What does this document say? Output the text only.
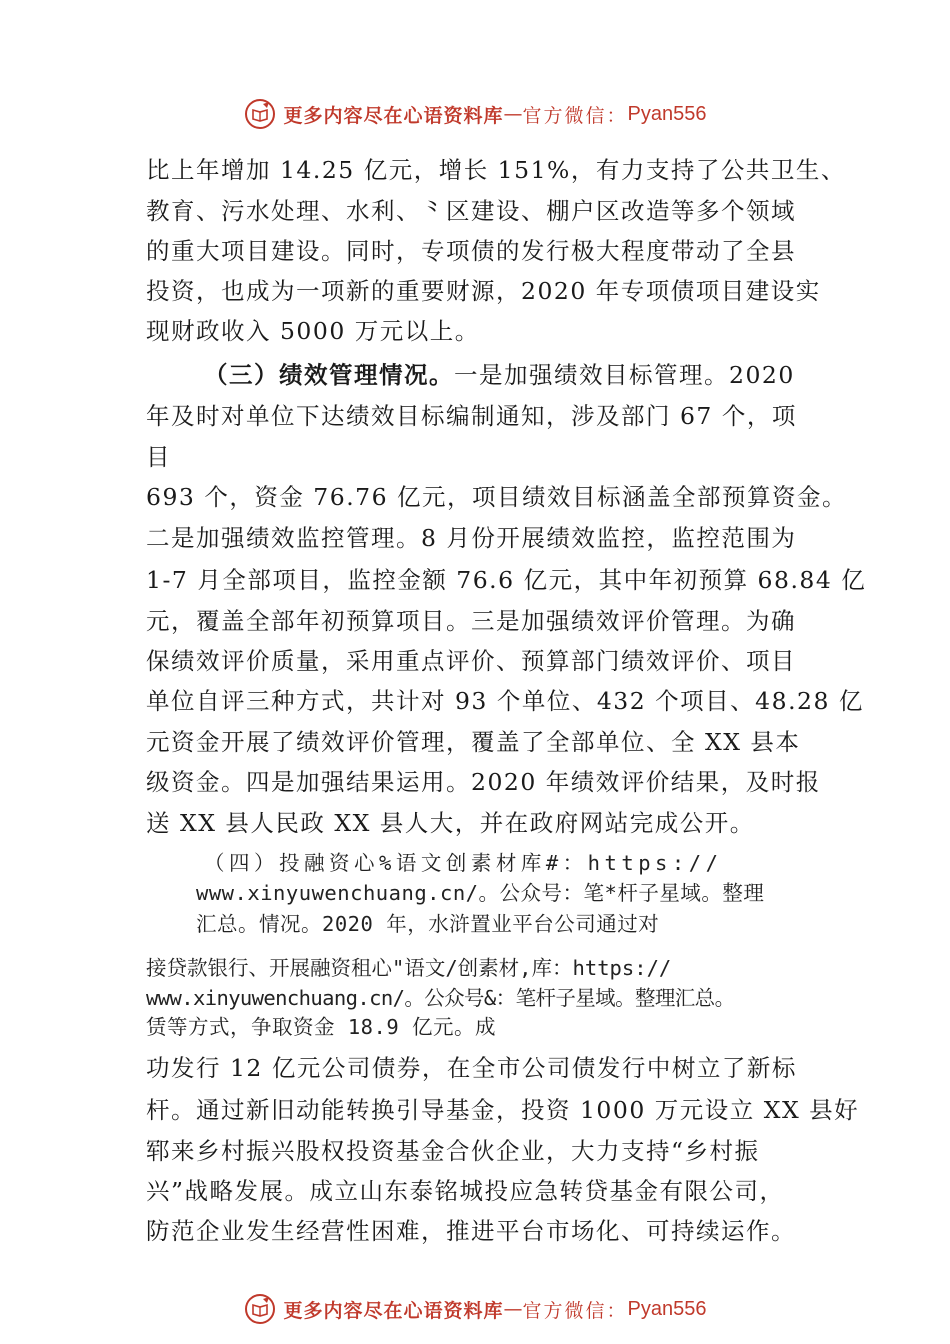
更多内容尽在心语资料库 — 官方微信： Pyan556
比上年增加 14.25 亿元，增长 151%，有力支持了公共卫生、
教育、污水处理、水利、⺀区建设、棚户区改造等多个领域
的重大项目建设。同时，专项债的发行极大程度带动了全县
投资，也成为一项新的重要财源，2020 年专项债项目建设实
现财政收入 5000 万元以上。
（三）绩效管理情况。一是加强绩效目标管理。2020
年及时对单位下达绩效目标编制通知，涉及部门 67 个，项
目
693 个，资金 76.76 亿元，项目绩效目标涵盖全部预算资金。
二是加强绩效监控管理。8 月份开展绩效监控，监控范围为
1-7 月全部项目，监控金额 76.6 亿元，其中年初预算 68.84 亿
元，覆盖全部年初预算项目。三是加强绩效评价管理。为确
保绩效评价质量，采用重点评价、预算部门绩效评价、项目
单位自评三种方式，共计对 93 个单位、432 个项目、48.28 亿
元资金开展了绩效评价管理，覆盖了全部单位、全 XX 县本
级资金。四是加强结果运用。2020 年绩效评价结果，及时报
送 XX 县人民政 XX 县人大，并在政府网站完成公开。
（四）投融资心%语文创素材库#：https://
www.xinyuwenchuang.cn/。公众号：笔*杆子星域。整理
汇总。情况。2020 年，水浒置业平台公司通过对
接贷款银行、开展融资租心"语文/创素材,库：https://
www.xinyuwenchuang.cn/。公众号&：笔杆子星域。整理汇总。
赁等方式，争取资金 18.9 亿元。成
功发行 12 亿元公司债券，在全市公司债发行中树立了新标
杆。通过新旧动能转换引导基金，投资 1000 万元设立 XX 县好
郓来乡村振兴股权投资基金合伙企业，大力支持“乡村振
兴”战略发展。成立山东泰铭城投应急转贷基金有限公司，
防范企业发生经营性困难，推进平台市场化、可持续运作。
更多内容尽在心语资料库 — 官方微信： Pyan556
